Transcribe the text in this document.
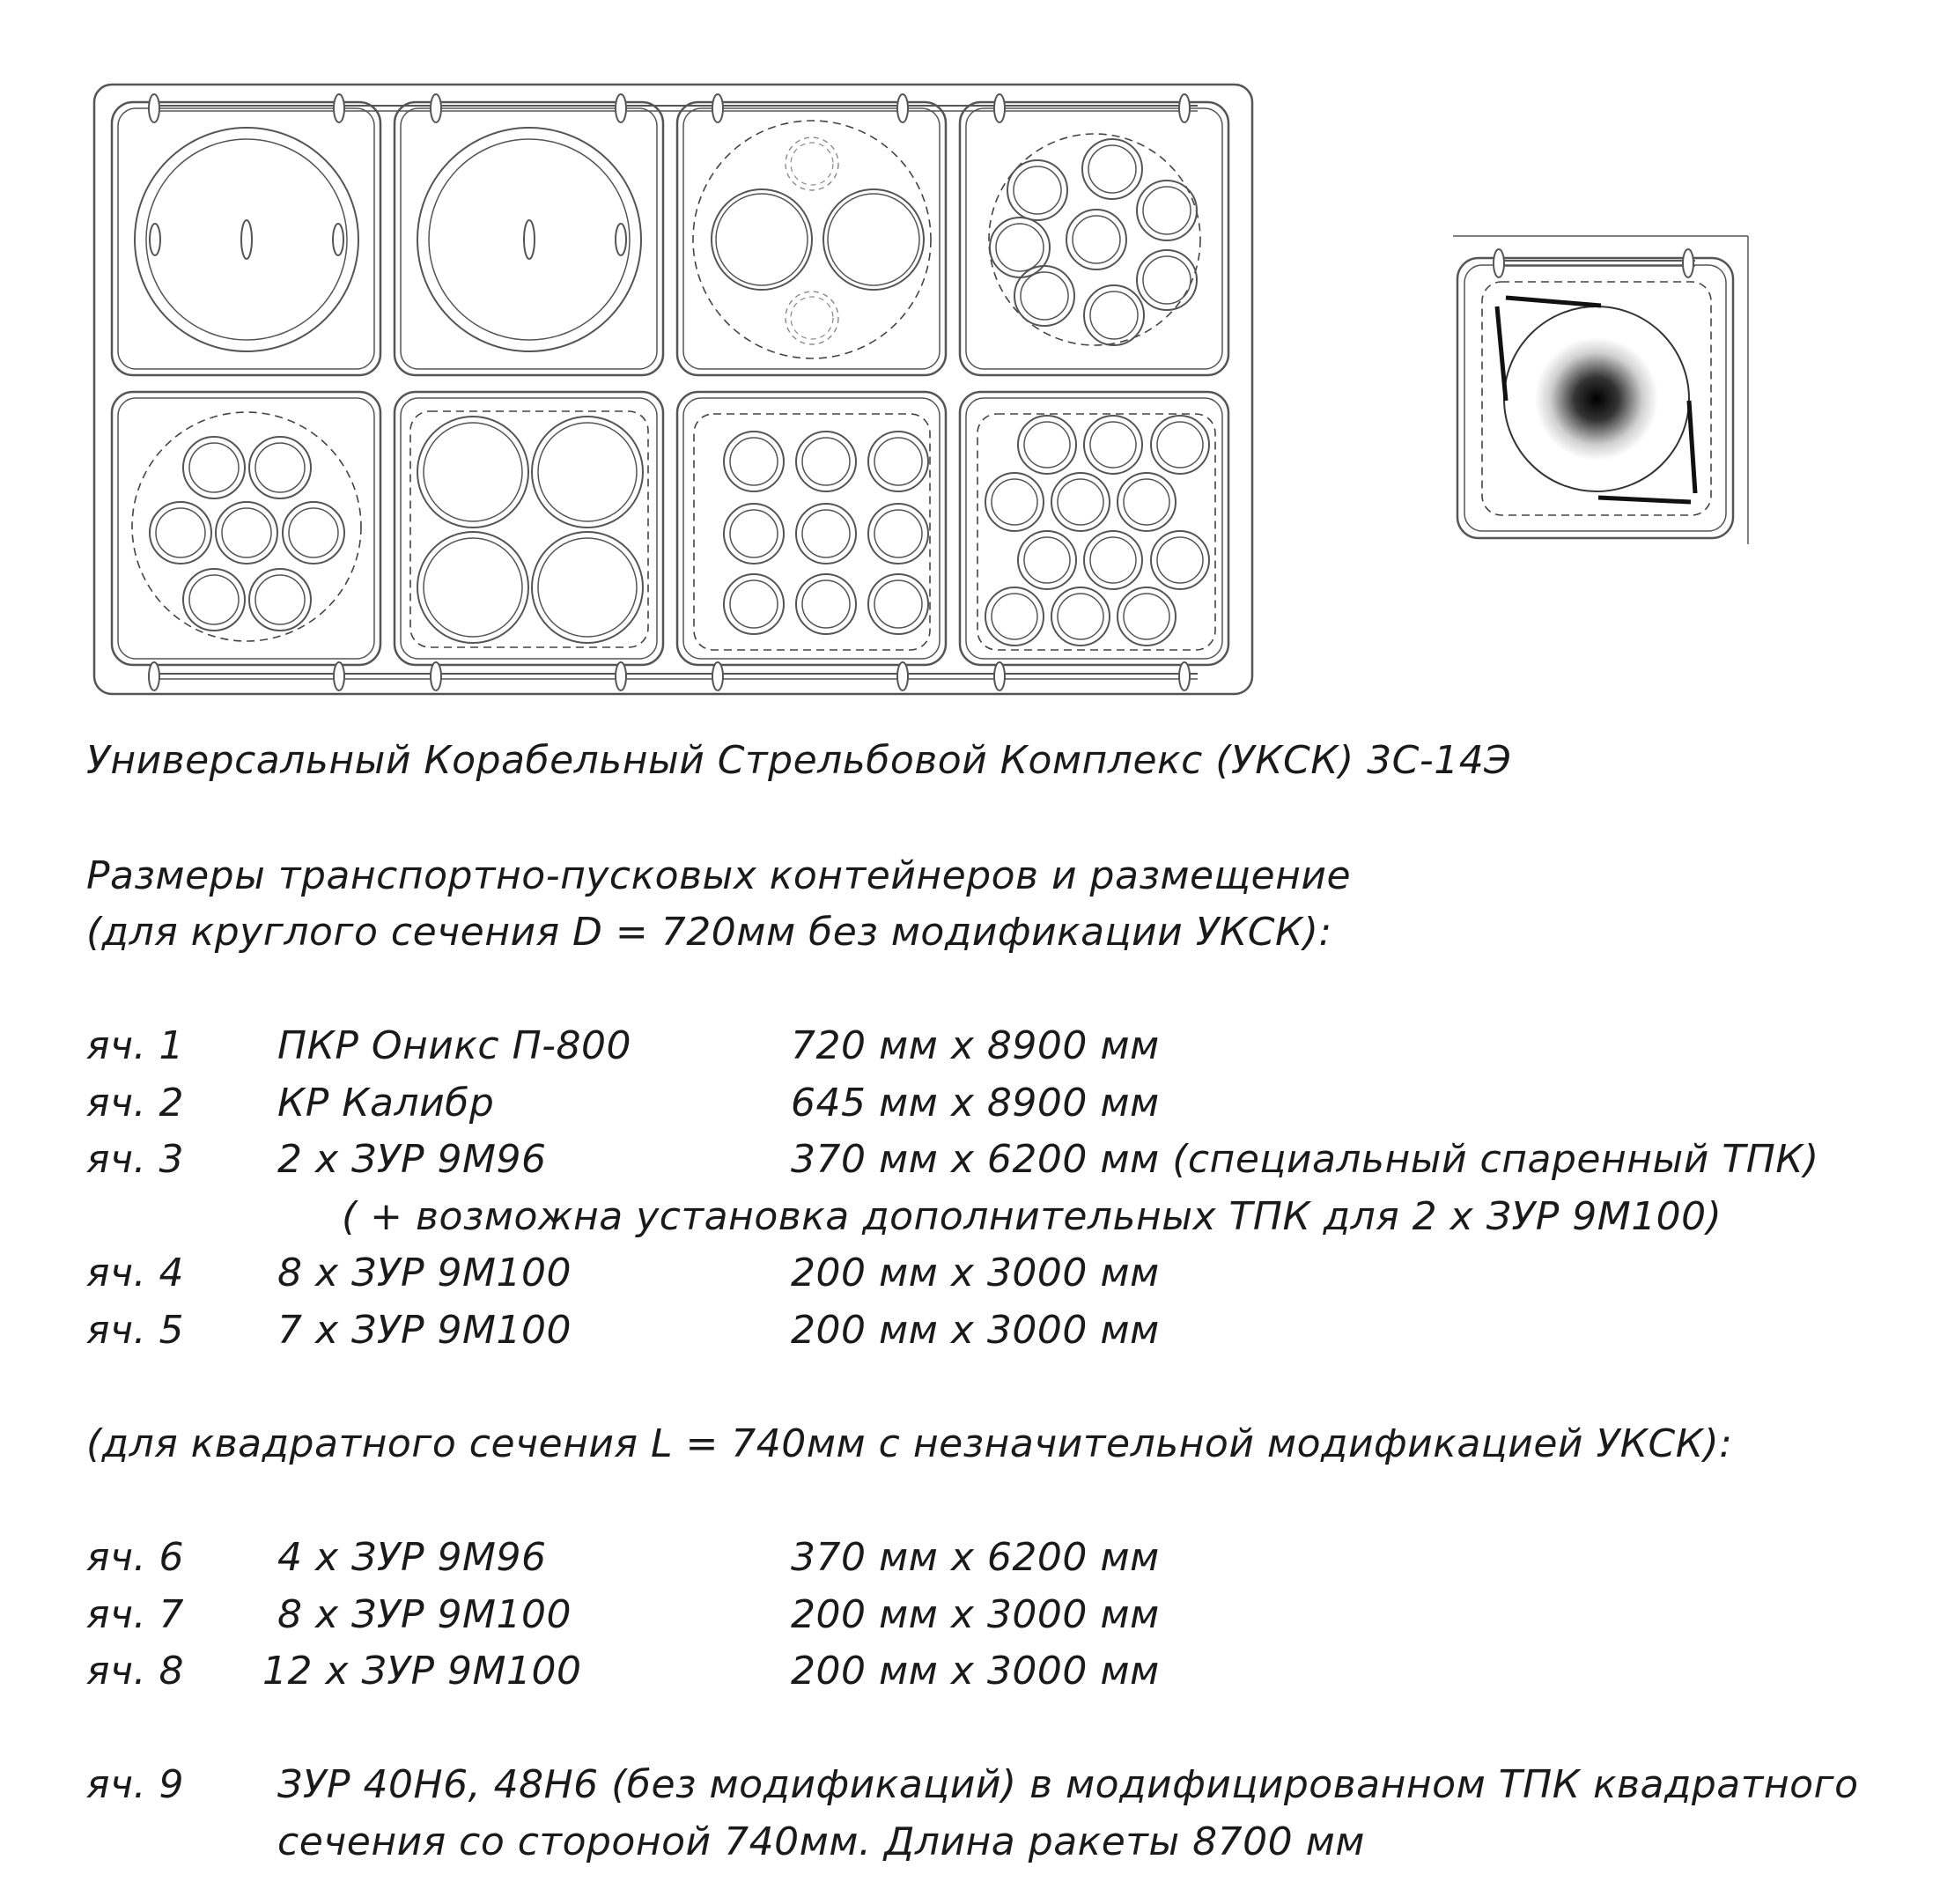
Универсальный Корабельный Стрельбовой Комплекс (УКСК) 3С-14Э
Размеры транспортно-пусковых контейнеров и размещение
(для круглого сечения D = 720мм без модификации УКСК):
яч. 1 ПКР Оникс П-800	720 мм х 8900 мм
яч. 2 КР Калибр	645 мм х 8900 мм
яч. 3 2 х ЗУР 9М96	370 мм х 6200 мм (специальный спаренный ТПК)
( + возможна установка дополнительных ТПК для 2 х ЗУР 9М100)
яч. 4 8 х ЗУР 9М100	200 мм х 3000 мм
яч. 5 7 х ЗУР 9М100	200 мм х 3000 мм
(для квадратного сечения L = 740мм с незначительной модификацией УКСК):
яч. 6 4 х ЗУР 9М96	370 мм х 6200 мм
яч. 7 8 х ЗУР 9М100	200 мм х 3000 мм
яч. 8 12 х ЗУР 9М100	200 мм х 3000 мм
яч. 9 ЗУР 40Н6, 48Н6 (без модификаций) в модифицированном ТПК квадратного
сечения со стороной 740мм. Длина ракеты 8700 мм
